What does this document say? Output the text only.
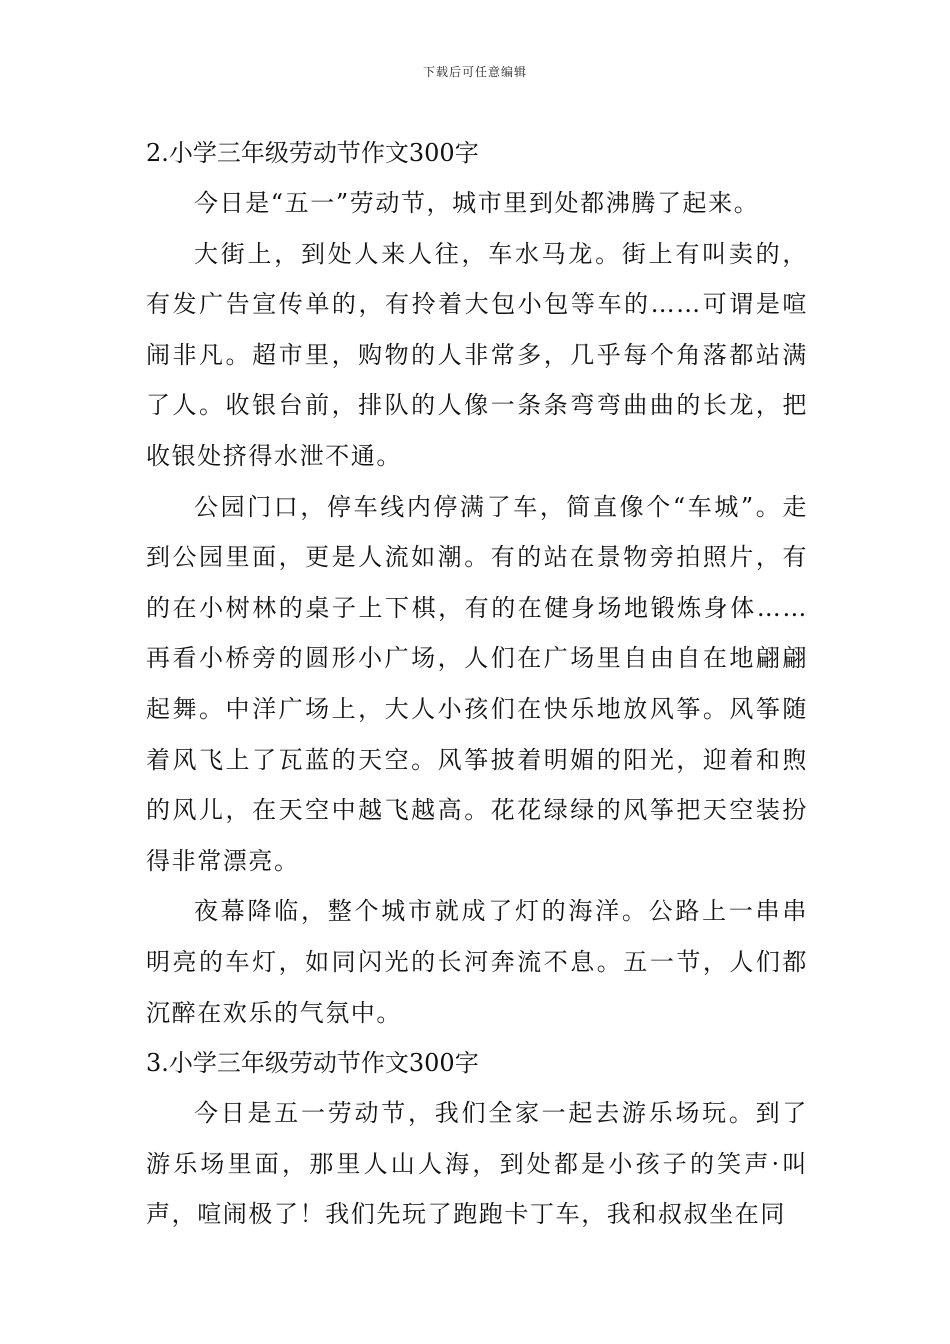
下载后可任意编辑
2.小学三年级劳动节作文300字

今日是“五一”劳动节，城市里到处都沸腾了起来。

大街上，到处人来人往，车水马龙。街上有叫卖的，有发广告宣传单的，有拎着大包小包等车的……可谓是喧闹非凡。超市里，购物的人非常多，几乎每个角落都站满了人。收银台前，排队的人像一条条弯弯曲曲的长龙，把收银处挤得水泄不通。

公园门口，停车线内停满了车，简直像个“车城”。走到公园里面，更是人流如潮。有的站在景物旁拍照片，有的在小树林的桌子上下棋，有的在健身场地锻炼身体……再看小桥旁的圆形小广场，人们在广场里自由自在地翩翩起舞。中洋广场上，大人小孩们在快乐地放风筝。风筝随着风飞上了瓦蓝的天空。风筝披着明媚的阳光，迎着和煦的风儿，在天空中越飞越高。花花绿绿的风筝把天空装扮得非常漂亮。

夜幕降临，整个城市就成了灯的海洋。公路上一串串明亮的车灯，如同闪光的长河奔流不息。五一节，人们都沉醉在欢乐的气氛中。

3.小学三年级劳动节作文300字

今日是五一劳动节，我们全家一起去游乐场玩。到了游乐场里面，那里人山人海，到处都是小孩子的笑声·叫声，喧闹极了！我们先玩了跑跑卡丁车，我和叔叔坐在同
